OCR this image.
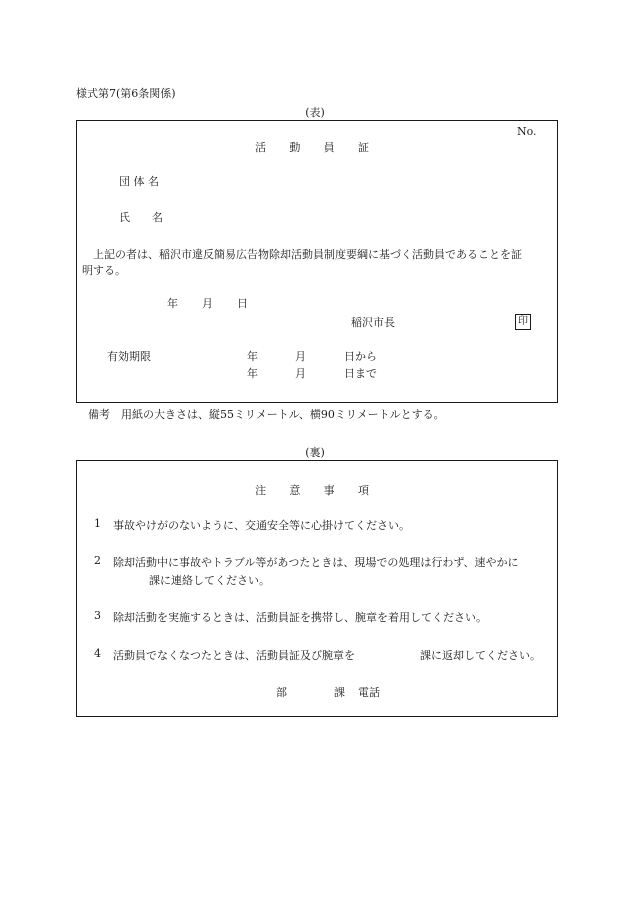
様式第7(第6条関係)
(表)
No.
活 動 員 証
団 体 名
氏　　名
上記の者は、稲沢市違反簡易広告物除却活動員制度要綱に基づく活動員であることを証
明する。
年 月 日
稲沢市長	印
有効期限	年	月	日から
年	月	日まで
備考　用紙の大きさは、縦55ミリメートル、横90ミリメートルとする。
(裏)
注 意 事 項
1 事故やけがのないように、交通安全等に心掛けてください。
2 除却活動中に事故やトラブル等があつたときは、現場での処理は行わず、速やかに
課に連絡してください。
3 除却活動を実施するときは、活動員証を携帯し、腕章を着用してください。
4 活動員でなくなつたときは、活動員証及び腕章を	課に返却してください。
部	課 電話
